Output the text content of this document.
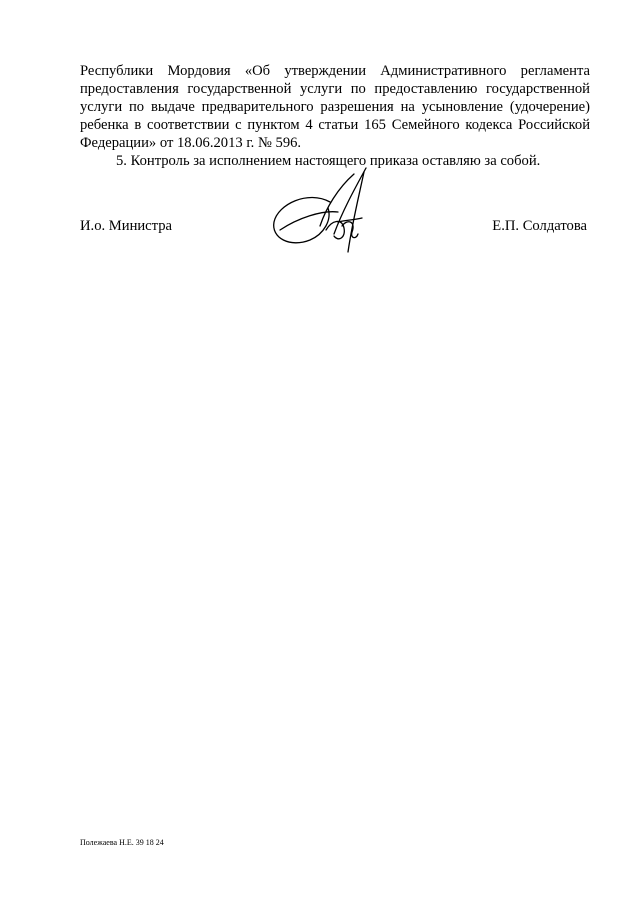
Республики Мордовия «Об утверждении Административного регламента предоставления государственной услуги по предоставлению государственной услуги по выдаче предварительного разрешения на усыновление (удочерение) ребенка в соответствии с пунктом 4 статьи 165 Семейного кодекса Российской Федерации» от 18.06.2013 г. № 596.

5. Контроль за исполнением настоящего приказа оставляю за собой.

И.о. Министра	Е.П. Солдатова
Полежаева Н.Е. 39 18 24
